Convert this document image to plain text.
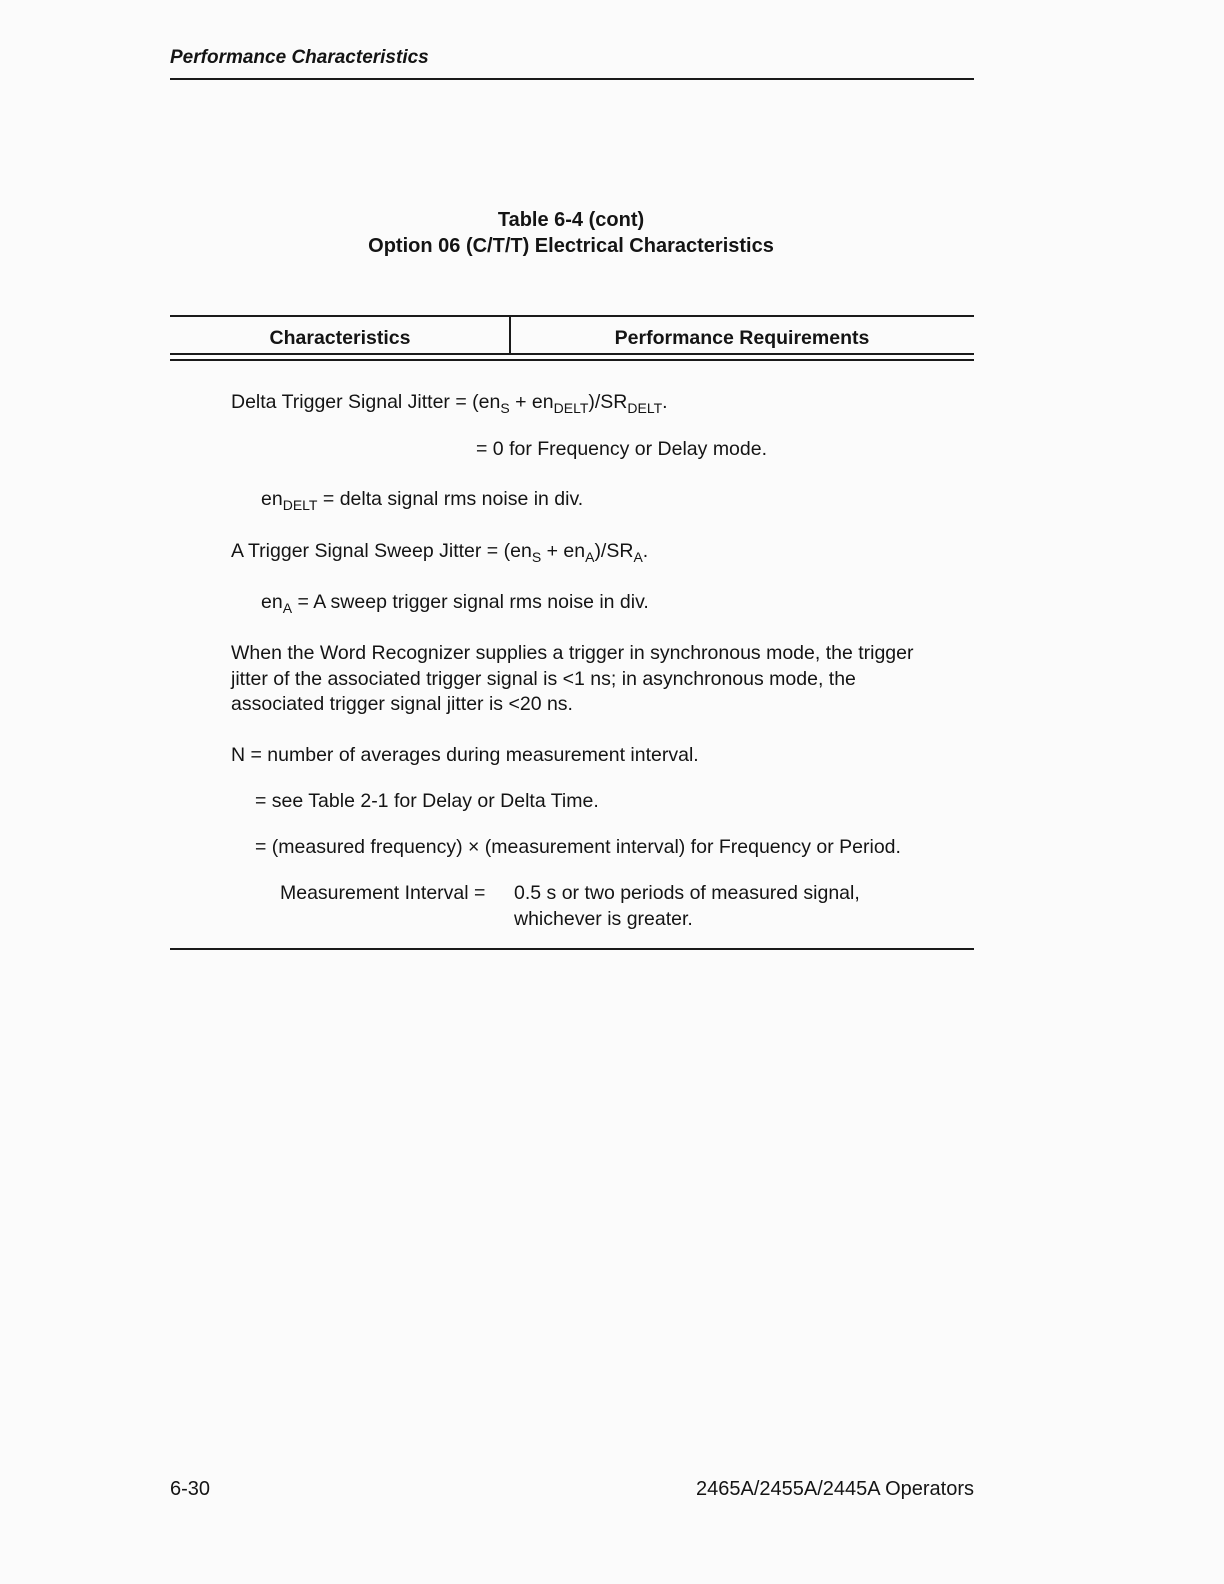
Performance Characteristics
Table 6-4 (cont)
Option 06 (C/T/T) Electrical Characteristics
Characteristics	Performance Requirements
Delta Trigger Signal Jitter = $(en_S + en_{DELT})/SR_{DELT}$.
= 0 for Frequency or Delay mode.
$en_{DELT}$ = delta signal rms noise in div.
A Trigger Signal Sweep Jitter = $(en_S + en_A)/SR_A$.
$en_A = A$ sweep trigger signal rms noise in div.
When the Word Recognizer supplies a trigger in synchronous mode, the trigger
jitter of the associated trigger signal is <1 ns; in asynchronous mode, the
associated trigger signal jitter is <20 ns.
N = number of averages during measurement interval.
= see Table 2-1 for Delay or Delta Time.
= (measured frequency) × (measurement interval) for Frequency or Period.
Measurement Interval = 0.5 s or two periods of measured signal,
whichever is greater.
6-30	2465A/2455A/2445A Operators
